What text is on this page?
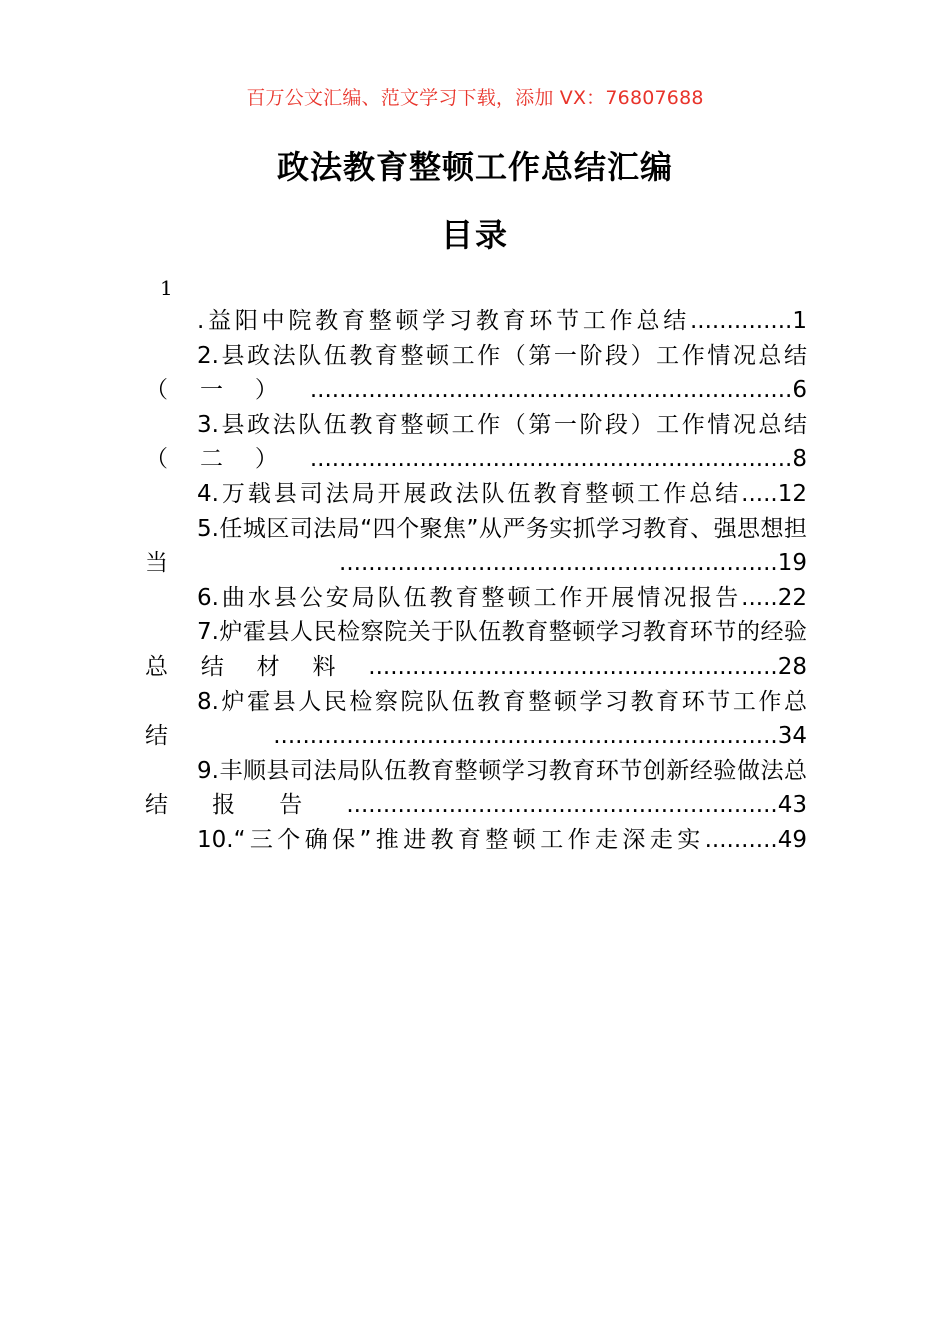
百万公文汇编、范文学习下载，添加 VX：76807688
政法教育整顿工作总结汇编
目录
1
.益阳中院教育整顿学习教育环节工作总结..............1
2.县政法队伍教育整顿工作（第一阶段）工作情况总结（一）..................................................................6
3.县政法队伍教育整顿工作（第一阶段）工作情况总结（二）..................................................................8
4.万载县司法局开展政法队伍教育整顿工作总结.....12
5.任城区司法局“四个聚焦”从严务实抓学习教育、强思想担当............................................................19
6.曲水县公安局队伍教育整顿工作开展情况报告.....22
7.炉霍县人民检察院关于队伍教育整顿学习教育环节的经验总结材料........................................................28
8.炉霍县人民检察院队伍教育整顿学习教育环节工作总结.....................................................................34
9.丰顺县司法局队伍教育整顿学习教育环节创新经验做法总结报告...........................................................43
10.“三个确保”推进教育整顿工作走深走实..........49
